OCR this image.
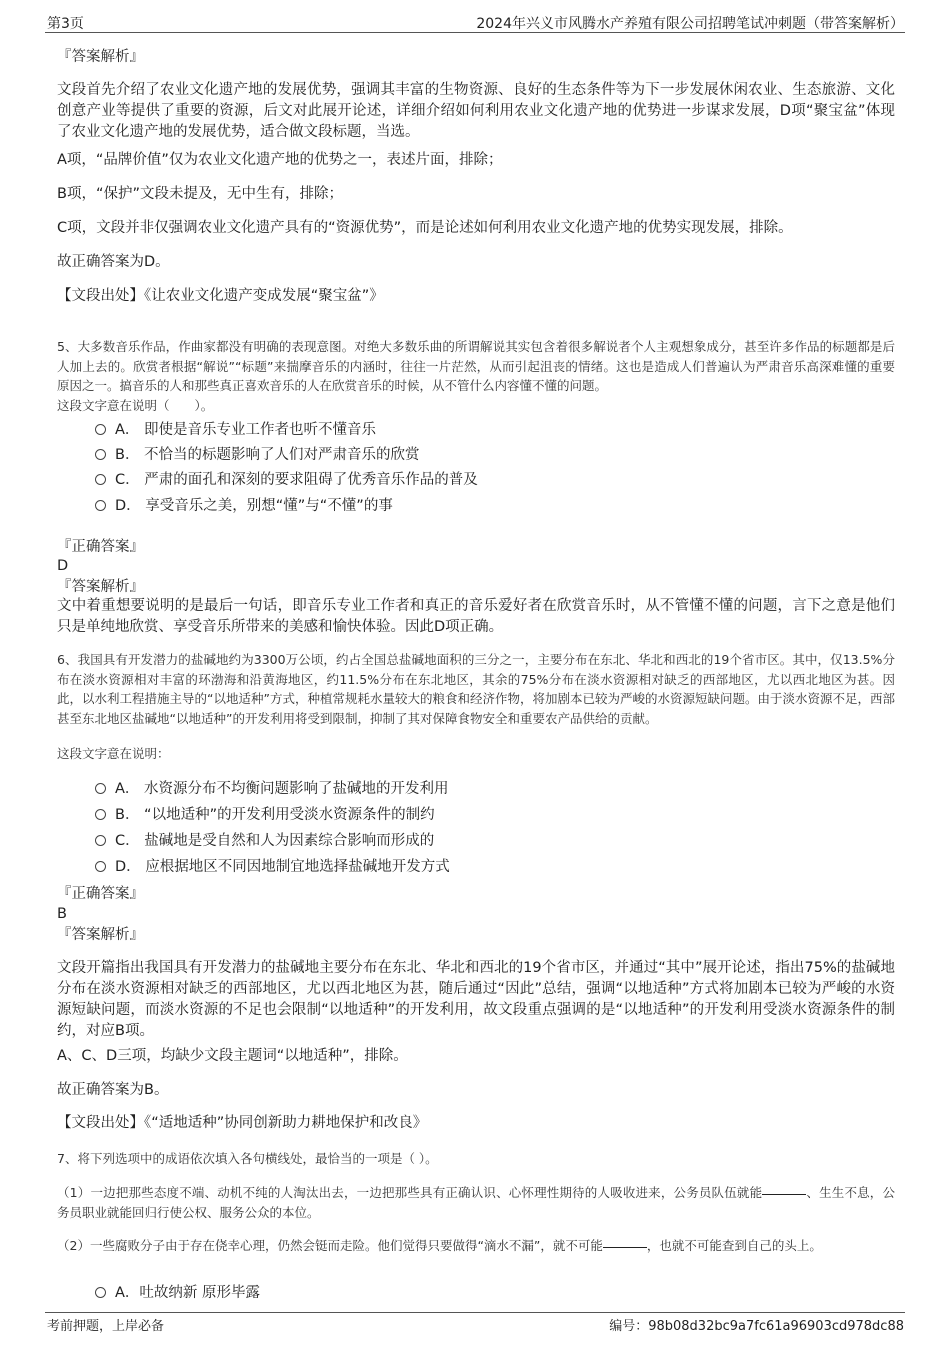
第3页	2024年兴义市风腾水产养殖有限公司招聘笔试冲刺题（带答案解析）
『答案解析』
文段首先介绍了农业文化遗产地的发展优势，强调其丰富的生物资源、良好的生态条件等为下一步发展休闲农业、生态旅游、文化创意产业等提供了重要的资源，后文对此展开论述，详细介绍如何利用农业文化遗产地的优势进一步谋求发展，D项“聚宝盆”体现了农业文化遗产地的发展优势，适合做文段标题，当选。
A项，“品牌价值”仅为农业文化遗产地的优势之一，表述片面，排除；
B项，“保护”文段未提及，无中生有，排除；
C项，文段并非仅强调农业文化遗产具有的“资源优势”，而是论述如何利用农业文化遗产地的优势实现发展，排除。
故正确答案为D。
【文段出处】《让农业文化遗产变成发展“聚宝盆”》
5、大多数音乐作品，作曲家都没有明确的表现意图。对绝大多数乐曲的所谓解说其实包含着很多解说者个人主观想象成分，甚至许多作品的标题都是后人加上去的。欣赏者根据“解说”“标题”来揣摩音乐的内涵时，往往一片茫然，从而引起沮丧的情绪。这也是造成人们普遍认为严肃音乐高深难懂的重要原因之一。搞音乐的人和那些真正喜欢音乐的人在欣赏音乐的时候，从不管什么内容懂不懂的问题。
这段文字意在说明（　　）。
A． 即使是音乐专业工作者也听不懂音乐
B． 不恰当的标题影响了人们对严肃音乐的欣赏
C． 严肃的面孔和深刻的要求阻碍了优秀音乐作品的普及
D． 享受音乐之美，别想“懂”与“不懂”的事
『正确答案』
D
『答案解析』
文中着重想要说明的是最后一句话，即音乐专业工作者和真正的音乐爱好者在欣赏音乐时，从不管懂不懂的问题，言下之意是他们只是单纯地欣赏、享受音乐所带来的美感和愉快体验。因此D项正确。
6、我国具有开发潜力的盐碱地约为3300万公顷，约占全国总盐碱地面积的三分之一，主要分布在东北、华北和西北的19个省市区。其中，仅13.5%分布在淡水资源相对丰富的环渤海和沿黄海地区，约11.5%分布在东北地区，其余的75%分布在淡水资源相对缺乏的西部地区，尤以西北地区为甚。因此，以水利工程措施主导的“以地适种”方式，种植常规耗水量较大的粮食和经济作物，将加剧本已较为严峻的水资源短缺问题。由于淡水资源不足，西部甚至东北地区盐碱地“以地适种”的开发利用将受到限制，抑制了其对保障食物安全和重要农产品供给的贡献。
这段文字意在说明：
A． 水资源分布不均衡问题影响了盐碱地的开发利用
B． “以地适种”的开发利用受淡水资源条件的制约
C． 盐碱地是受自然和人为因素综合影响而形成的
D． 应根据地区不同因地制宜地选择盐碱地开发方式
『正确答案』
B
『答案解析』
文段开篇指出我国具有开发潜力的盐碱地主要分布在东北、华北和西北的19个省市区，并通过“其中”展开论述，指出75%的盐碱地分布在淡水资源相对缺乏的西部地区，尤以西北地区为甚，随后通过“因此”总结，强调“以地适种”方式将加剧本已较为严峻的水资源短缺问题，而淡水资源的不足也会限制“以地适种”的开发利用，故文段重点强调的是“以地适种”的开发利用受淡水资源条件的制约，对应B项。
A、C、D三项，均缺少文段主题词“以地适种”，排除。
故正确答案为B。
【文段出处】《“适地适种”协同创新助力耕地保护和改良》
7、将下列选项中的成语依次填入各句横线处，最恰当的一项是（ ）。
（1）一边把那些态度不端、动机不纯的人淘汰出去，一边把那些具有正确认识、心怀理性期待的人吸收进来，公务员队伍就能	、生生不息，公务员职业就能回归行使公权、服务公众的本位。
（2）一些腐败分子由于存在侥幸心理，仍然会铤而走险。他们觉得只要做得“滴水不漏”，就不可能	，也就不可能查到自己的头上。
A．吐故纳新 原形毕露
考前押题，上岸必备	编号：98b08d32bc9a7fc61a96903cd978dc88
